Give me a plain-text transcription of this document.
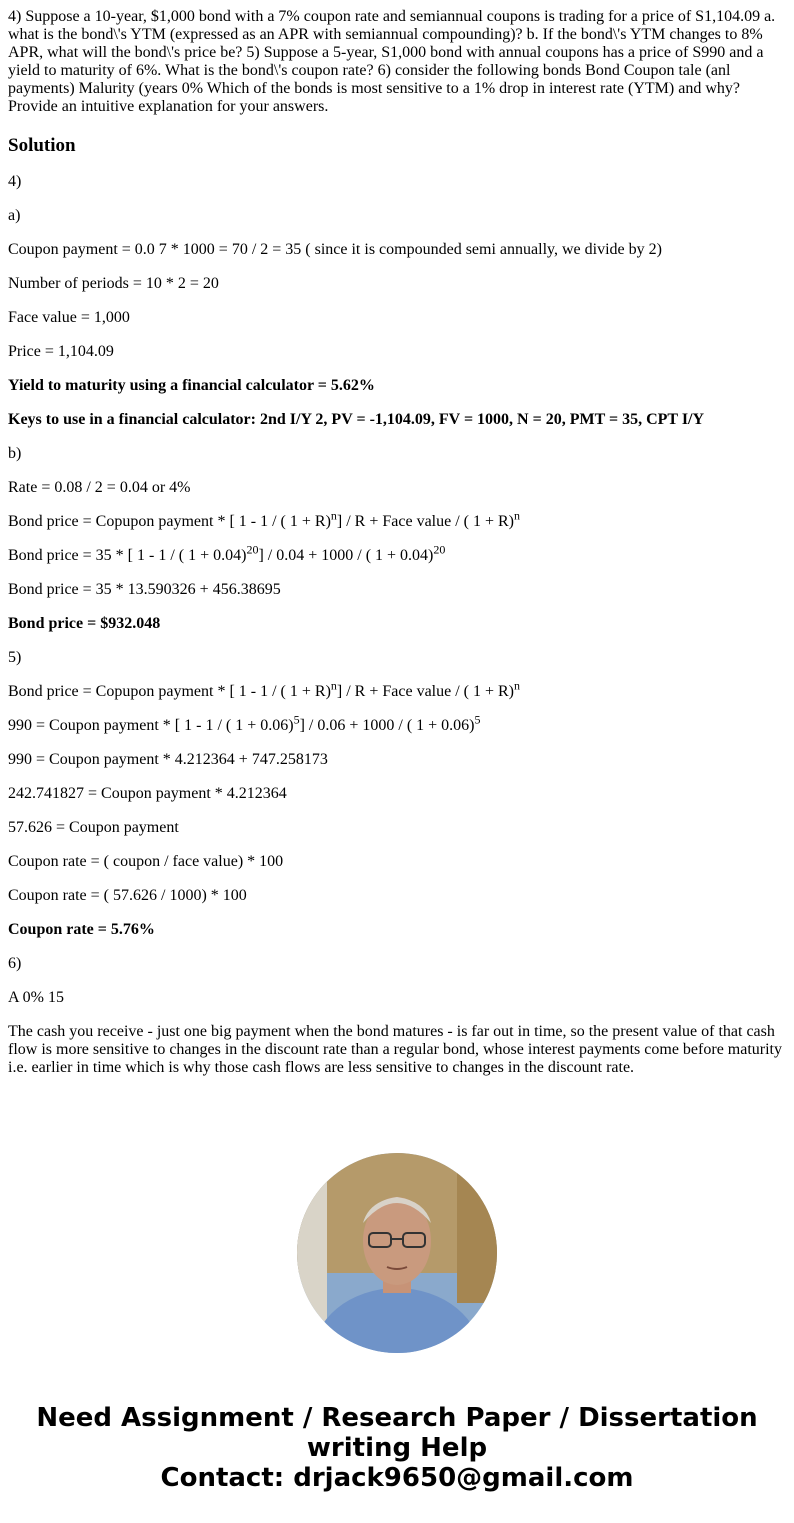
4) Suppose a 10-year, $1,000 bond with a 7% coupon rate and semiannual coupons is trading for a price of S1,104.09 a. what is the bond\'s YTM (expressed as an APR with semiannual compounding)? b. If the bond\'s YTM changes to 8% APR, what will the bond\'s price be? 5) Suppose a 5-year, S1,000 bond with annual coupons has a price of S990 and a yield to maturity of 6%. What is the bond\'s coupon rate? 6) consider the following bonds Bond Coupon tale (anl payments) Malurity (years 0% Which of the bonds is most sensitive to a 1% drop in interest rate (YTM) and why? Provide an intuitive explanation for your answers.

Solution

4)

a)

Coupon payment = 0.0 7 * 1000 = 70 / 2 = 35 ( since it is compounded semi annually, we divide by 2)

Number of periods = 10 * 2 = 20

Face value = 1,000

Price = 1,104.09

Yield to maturity using a financial calculator = 5.62%

Keys to use in a financial calculator: 2nd I/Y 2, PV = -1,104.09, FV = 1000, N = 20, PMT = 35, CPT I/Y

b)

Rate = 0.08 / 2 = 0.04 or 4%

Bond price = Copupon payment * [ 1 - 1 / ( 1 + R)$^n$] / R + Face value / ( 1 + R)$^n$

Bond price = 35 * [ 1 - 1 / ( 1 + 0.04)$^{20}$] / 0.04 + 1000 / ( 1 + 0.04)$^{20}$

Bond price = 35 * 13.590326 + 456.38695

Bond price = $932.048

5)

Bond price = Copupon payment * [ 1 - 1 / ( 1 + R)$^n$] / R + Face value / ( 1 + R)$^n$

990 = Coupon payment * [ 1 - 1 / ( 1 + 0.06)$^5$] / 0.06 + 1000 / ( 1 + 0.06)$^5$

990 = Coupon payment * 4.212364 + 747.258173

242.741827 = Coupon payment * 4.212364

57.626 = Coupon payment

Coupon rate = ( coupon / face value) * 100

Coupon rate = ( 57.626 / 1000) * 100

Coupon rate = 5.76%

6)

A 0% 15

The cash you receive - just one big payment when the bond matures - is far out in time, so the present value of that cash flow is more sensitive to changes in the discount rate than a regular bond, whose interest payments come before maturity i.e. earlier in time which is why those cash flows are less sensitive to changes in the discount rate.

Need Assignment / Research Paper / Dissertation
writing Help
Contact: drjack9650@gmail.com
